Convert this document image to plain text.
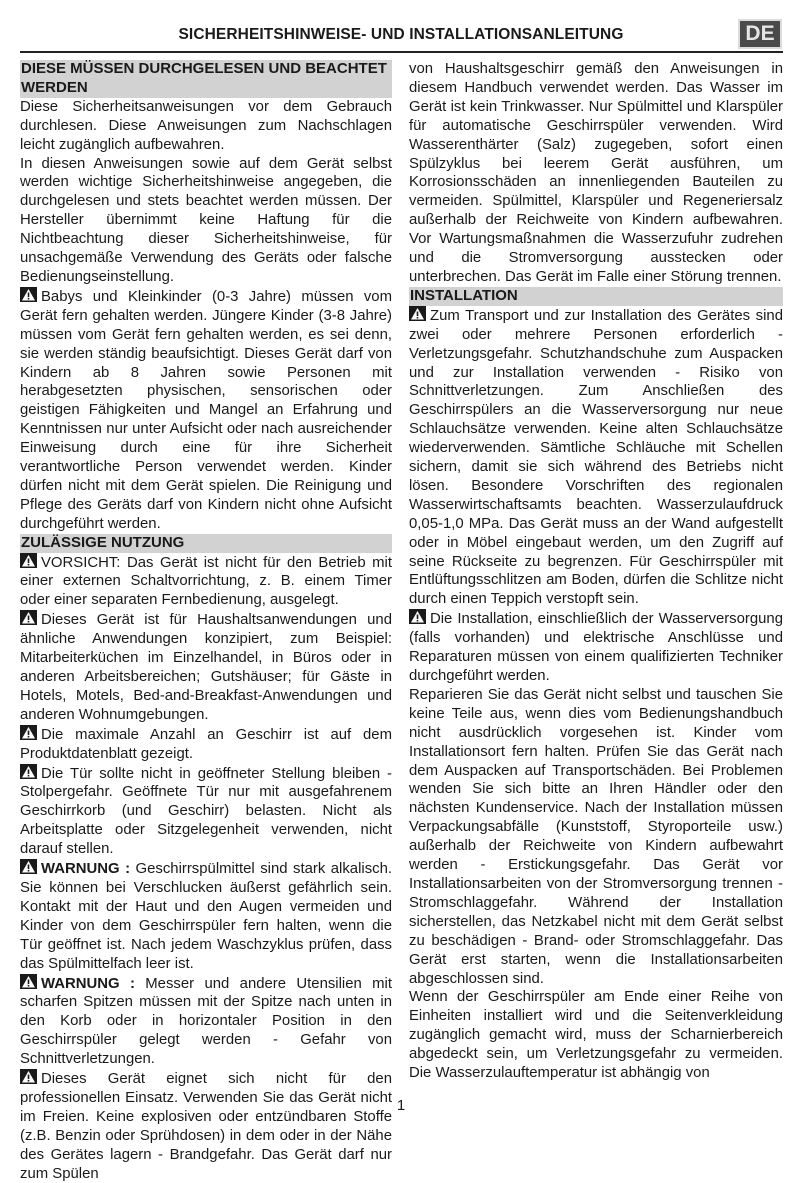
SICHERHEITSHINWEISE- UND INSTALLATIONSANLEITUNG	DE
DIESE MÜSSEN DURCHGELESEN UND BEACHTET WERDEN

Diese Sicherheitsanweisungen vor dem Gebrauch durchlesen. Diese Anweisungen zum Nachschlagen leicht zugänglich aufbewahren.

In diesen Anweisungen sowie auf dem Gerät selbst werden wichtige Sicherheitshinweise angegeben, die durchgelesen und stets beachtet werden müssen. Der Hersteller übernimmt keine Haftung für die Nichtbeachtung dieser Sicherheitshinweise, für unsachgemäße Verwendung des Geräts oder falsche Bedienungseinstellung.

Babys und Kleinkinder (0-3 Jahre) müssen vom Gerät fern gehalten werden. Jüngere Kinder (3-8 Jahre) müssen vom Gerät fern gehalten werden, es sei denn, sie werden ständig beaufsichtigt. Dieses Gerät darf von Kindern ab 8 Jahren sowie Personen mit herabgesetzten physischen, sensorischen oder geistigen Fähigkeiten und Mangel an Erfahrung und Kenntnissen nur unter Aufsicht oder nach ausreichender Einweisung durch eine für ihre Sicherheit verantwortliche Person verwendet werden. Kinder dürfen nicht mit dem Gerät spielen. Die Reinigung und Pflege des Geräts darf von Kindern nicht ohne Aufsicht durchgeführt werden.

ZULÄSSIGE NUTZUNG

VORSICHT: Das Gerät ist nicht für den Betrieb mit einer externen Schaltvorrichtung, z. B. einem Timer oder einer separaten Fernbedienung, ausgelegt.

Dieses Gerät ist für Haushaltsanwendungen und ähnliche Anwendungen konzipiert, zum Beispiel: Mitarbeiterküchen im Einzelhandel, in Büros oder in anderen Arbeitsbereichen; Gutshäuser; für Gäste in Hotels, Motels, Bed-and-Breakfast-Anwendungen und anderen Wohnumgebungen.

Die maximale Anzahl an Geschirr ist auf dem Produktdatenblatt gezeigt.

Die Tür sollte nicht in geöffneter Stellung bleiben - Stolpergefahr. Geöffnete Tür nur mit ausgefahrenem Geschirrkorb (und Geschirr) belasten. Nicht als Arbeitsplatte oder Sitzgelegenheit verwenden, nicht darauf stellen.

WARNUNG : Geschirrspülmittel sind stark alkalisch. Sie können bei Verschlucken äußerst gefährlich sein. Kontakt mit der Haut und den Augen vermeiden und Kinder von dem Geschirrspüler fern halten, wenn die Tür geöffnet ist. Nach jedem Waschzyklus prüfen, dass das Spülmittelfach leer ist.

WARNUNG : Messer und andere Utensilien mit scharfen Spitzen müssen mit der Spitze nach unten in den Korb oder in horizontaler Position in den Geschirrspüler gelegt werden - Gefahr von Schnittverletzungen.

Dieses Gerät eignet sich nicht für den professionellen Einsatz. Verwenden Sie das Gerät nicht im Freien. Keine explosiven oder entzündbaren Stoffe (z.B. Benzin oder Sprühdosen) in dem oder in der Nähe des Gerätes lagern - Brandgefahr. Das Gerät darf nur zum Spülen

von Haushaltsgeschirr gemäß den Anweisungen in diesem Handbuch verwendet werden. Das Wasser im Gerät ist kein Trinkwasser. Nur Spülmittel und Klarspüler für automatische Geschirrspüler verwenden. Wird Wasserenthärter (Salz) zugegeben, sofort einen Spülzyklus bei leerem Gerät ausführen, um Korrosionsschäden an innenliegenden Bauteilen zu vermeiden. Spülmittel, Klarspüler und Regeneriersalz außerhalb der Reichweite von Kindern aufbewahren. Vor Wartungsmaßnahmen die Wasserzufuhr zudrehen und die Stromversorgung ausstecken oder unterbrechen. Das Gerät im Falle einer Störung trennen.

INSTALLATION

Zum Transport und zur Installation des Gerätes sind zwei oder mehrere Personen erforderlich - Verletzungsgefahr. Schutzhandschuhe zum Auspacken und zur Installation verwenden - Risiko von Schnittverletzungen. Zum Anschließen des Geschirrspülers an die Wasserversorgung nur neue Schlauchsätze verwenden. Keine alten Schlauchsätze wiederverwenden. Sämtliche Schläuche mit Schellen sichern, damit sie sich während des Betriebs nicht lösen. Besondere Vorschriften des regionalen Wasserwirtschaftsamts beachten. Wasserzulaufdruck 0,05-1,0 MPa. Das Gerät muss an der Wand aufgestellt oder in Möbel eingebaut werden, um den Zugriff auf seine Rückseite zu begrenzen. Für Geschirrspüler mit Entlüftungsschlitzen am Boden, dürfen die Schlitze nicht durch einen Teppich verstopft sein.

Die Installation, einschließlich der Wasserversorgung (falls vorhanden) und elektrische Anschlüsse und Reparaturen müssen von einem qualifizierten Techniker durchgeführt werden.

Reparieren Sie das Gerät nicht selbst und tauschen Sie keine Teile aus, wenn dies vom Bedienungshandbuch nicht ausdrücklich vorgesehen ist. Kinder vom Installationsort fern halten. Prüfen Sie das Gerät nach dem Auspacken auf Transportschäden. Bei Problemen wenden Sie sich bitte an Ihren Händler oder den nächsten Kundenservice. Nach der Installation müssen Verpackungsabfälle (Kunststoff, Styroporteile usw.) außerhalb der Reichweite von Kindern aufbewahrt werden - Erstickungsgefahr. Das Gerät vor Installationsarbeiten von der Stromversorgung trennen - Stromschlaggefahr. Während der Installation sicherstellen, das Netzkabel nicht mit dem Gerät selbst zu beschädigen - Brand- oder Stromschlaggefahr. Das Gerät erst starten, wenn die Installationsarbeiten abgeschlossen sind.

Wenn der Geschirrspüler am Ende einer Reihe von Einheiten installiert wird und die Seitenverkleidung zugänglich gemacht wird, muss der Scharnierbereich abgedeckt sein, um Verletzungsgefahr zu vermeiden. Die Wasserzulauftemperatur ist abhängig von

1
